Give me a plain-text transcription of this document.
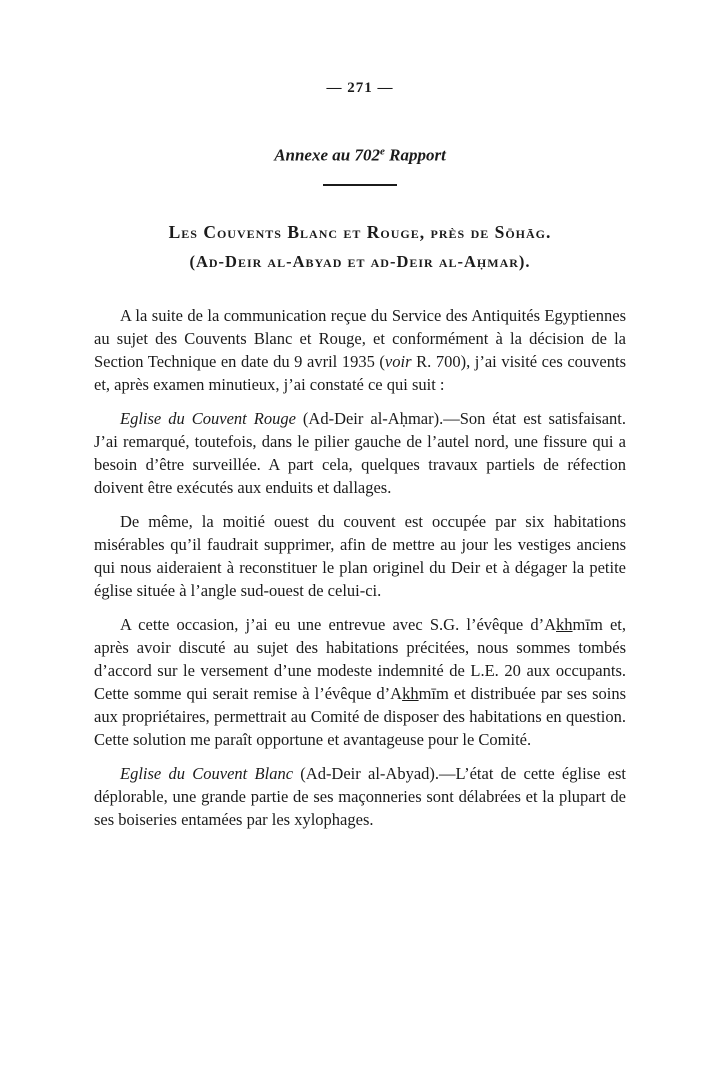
— 271 —
Annexe au 702e Rapport
Les Couvents Blanc et Rouge, près de Sōhāg.
(Ad-Deir al-Abyad et ad-Deir al-Aḥmar).

A la suite de la communication reçue du Service des Antiquités Egyptiennes au sujet des Couvents Blanc et Rouge, et conformément à la décision de la Section Technique en date du 9 avril 1935 (voir R. 700), j’ai visité ces couvents et, après examen minutieux, j’ai constaté ce qui suit :

Eglise du Couvent Rouge (Ad-Deir al-Aḥmar).—Son état est satisfaisant. J’ai remarqué, toutefois, dans le pilier gauche de l’autel nord, une fissure qui a besoin d’être surveillée. A part cela, quelques travaux partiels de réfection doivent être exécutés aux enduits et dallages.

De même, la moitié ouest du couvent est occupée par six habitations misérables qu’il faudrait supprimer, afin de mettre au jour les vestiges anciens qui nous aideraient à reconstituer le plan originel du Deir et à dégager la petite église située à l’angle sud-ouest de celui-ci.

A cette occasion, j’ai eu une entrevue avec S.G. l’évêque d’Akhmīm et, après avoir discuté au sujet des habitations précitées, nous sommes tombés d’accord sur le versement d’une modeste indemnité de L.E. 20 aux occupants. Cette somme qui serait remise à l’évêque d’Akhmīm et distribuée par ses soins aux propriétaires, permettrait au Comité de disposer des habitations en question. Cette solution me paraît opportune et avantageuse pour le Comité.

Eglise du Couvent Blanc (Ad-Deir al-Abyad).—L’état de cette église est déplorable, une grande partie de ses maçonneries sont délabrées et la plupart de ses boiseries entamées par les xylophages.
